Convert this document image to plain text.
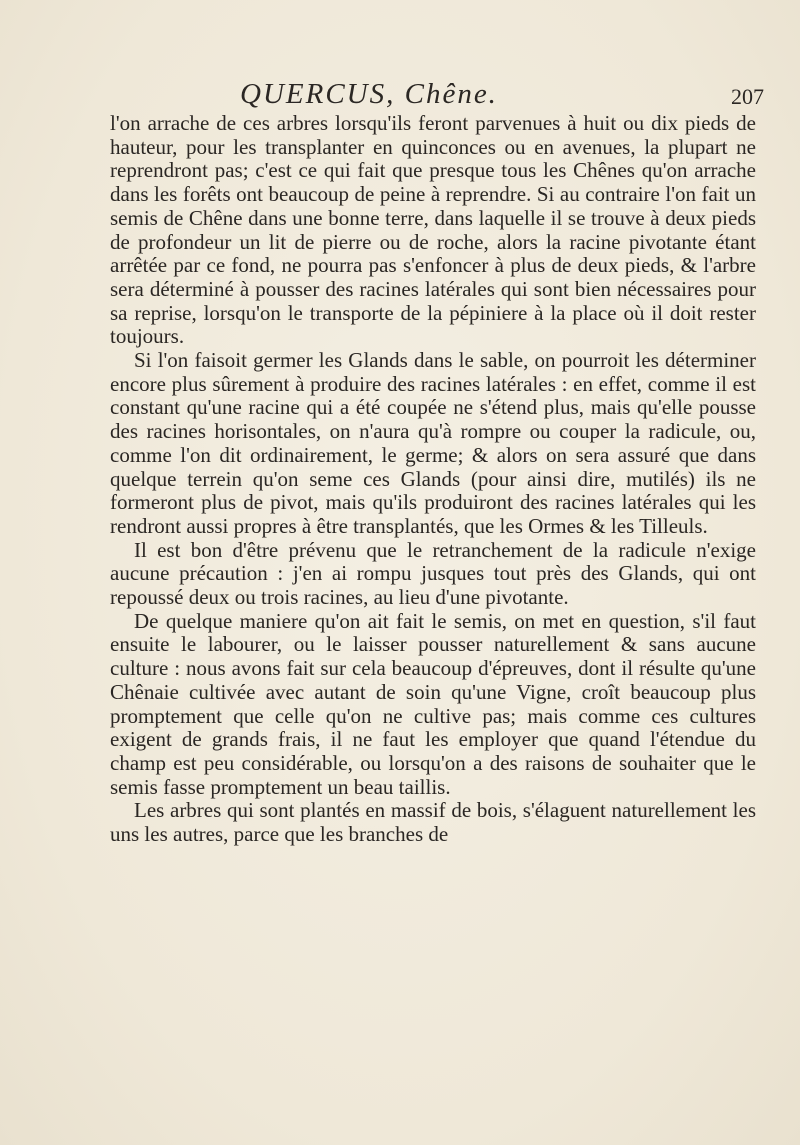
QUERCUS, Chêne.	207

l'on arrache de ces arbres lorsqu'ils feront parvenues à huit ou dix pieds de hauteur, pour les transplanter en quinconces ou en avenues, la plupart ne reprendront pas; c'est ce qui fait que presque tous les Chênes qu'on arrache dans les forêts ont beaucoup de peine à reprendre. Si au contraire l'on fait un semis de Chêne dans une bonne terre, dans laquelle il se trouve à deux pieds de profondeur un lit de pierre ou de roche, alors la racine pivotante étant arrêtée par ce fond, ne pourra pas s'enfoncer à plus de deux pieds, & l'arbre sera déterminé à pousser des racines latérales qui sont bien nécessaires pour sa reprise, lorsqu'on le transporte de la pépiniere à la place où il doit rester toujours.

Si l'on faisoit germer les Glands dans le sable, on pourroit les déterminer encore plus sûrement à produire des racines latérales : en effet, comme il est constant qu'une racine qui a été coupée ne s'étend plus, mais qu'elle pousse des racines horisontales, on n'aura qu'à rompre ou couper la radicule, ou, comme l'on dit ordinairement, le germe; & alors on sera assuré que dans quelque terrein qu'on seme ces Glands (pour ainsi dire, mutilés) ils ne formeront plus de pivot, mais qu'ils produiront des racines latérales qui les rendront aussi propres à être transplantés, que les Ormes & les Tilleuls.

Il est bon d'être prévenu que le retranchement de la radicule n'exige aucune précaution : j'en ai rompu jusques tout près des Glands, qui ont repoussé deux ou trois racines, au lieu d'une pivotante.

De quelque maniere qu'on ait fait le semis, on met en question, s'il faut ensuite le labourer, ou le laisser pousser naturellement & sans aucune culture : nous avons fait sur cela beaucoup d'épreuves, dont il résulte qu'une Chênaie cultivée avec autant de soin qu'une Vigne, croît beaucoup plus promptement que celle qu'on ne cultive pas; mais comme ces cultures exigent de grands frais, il ne faut les employer que quand l'étendue du champ est peu considérable, ou lorsqu'on a des raisons de souhaiter que le semis fasse promptement un beau taillis.

Les arbres qui sont plantés en massif de bois, s'élaguent naturellement les uns les autres, parce que les branches de
